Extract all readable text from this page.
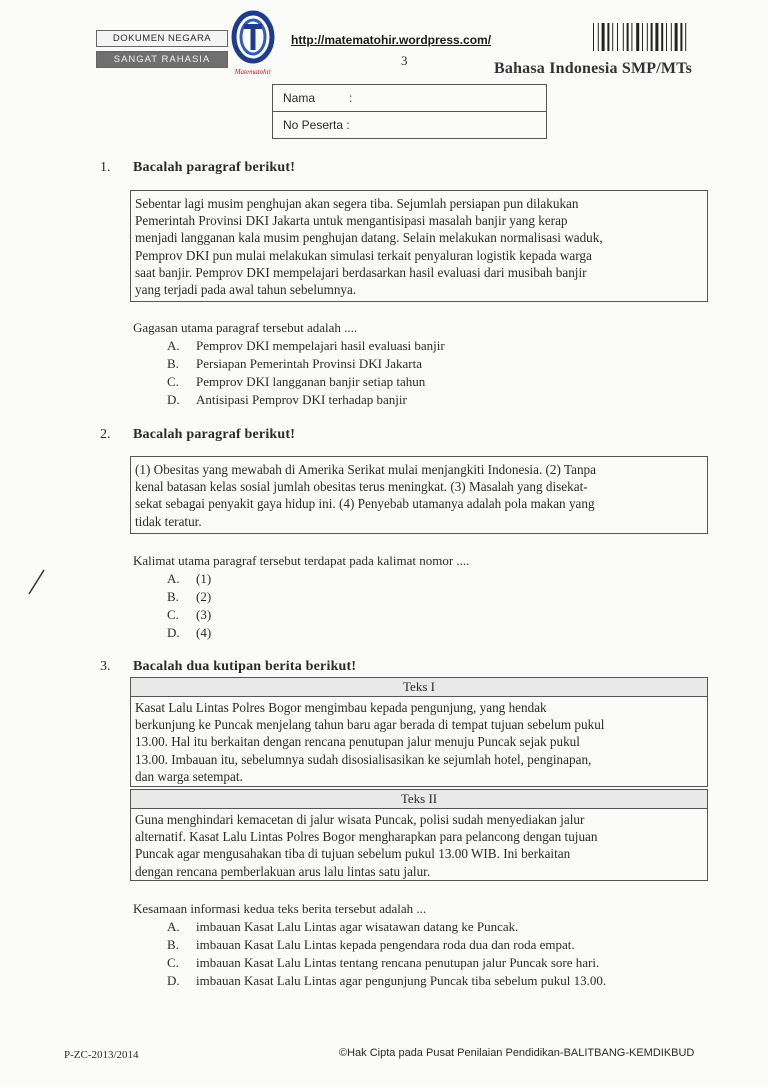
DOKUMEN NEGARA
SANGAT RAHASIA
Matematohir
http://matematohir.wordpress.com/
3	Bahasa Indonesia SMP/MTs
Nama	:
No Peserta :
1. Bacalah paragraf berikut!
Sebentar lagi musim penghujan akan segera tiba. Sejumlah persiapan pun dilakukan
Pemerintah Provinsi DKI Jakarta untuk mengantisipasi masalah banjir yang kerap
menjadi langganan kala musim penghujan datang. Selain melakukan normalisasi waduk,
Pemprov DKI pun mulai melakukan simulasi terkait penyaluran logistik kepada warga
saat banjir. Pemprov DKI mempelajari berdasarkan hasil evaluasi dari musibah banjir
yang terjadi pada awal tahun sebelumnya.
Gagasan utama paragraf tersebut adalah ....
A. Pemprov DKI mempelajari hasil evaluasi banjir
B. Persiapan Pemerintah Provinsi DKI Jakarta
C. Pemprov DKI langganan banjir setiap tahun
D. Antisipasi Pemprov DKI terhadap banjir
2. Bacalah paragraf berikut!
(1) Obesitas yang mewabah di Amerika Serikat mulai menjangkiti Indonesia. (2) Tanpa
kenal batasan kelas sosial jumlah obesitas terus meningkat. (3) Masalah yang disekat-
sekat sebagai penyakit gaya hidup ini. (4) Penyebab utamanya adalah pola makan yang
tidak teratur.
Kalimat utama paragraf tersebut terdapat pada kalimat nomor ....
A. (1)
B. (2)
C. (3)
D. (4)
3. Bacalah dua kutipan berita berikut!
Teks I
Kasat Lalu Lintas Polres Bogor mengimbau kepada pengunjung, yang hendak
berkunjung ke Puncak menjelang tahun baru agar berada di tempat tujuan sebelum pukul
13.00. Hal itu berkaitan dengan rencana penutupan jalur menuju Puncak sejak pukul
13.00. Imbauan itu, sebelumnya sudah disosialisasikan ke sejumlah hotel, penginapan,
dan warga setempat.
Teks II
Guna menghindari kemacetan di jalur wisata Puncak, polisi sudah menyediakan jalur
alternatif. Kasat Lalu Lintas Polres Bogor mengharapkan para pelancong dengan tujuan
Puncak agar mengusahakan tiba di tujuan sebelum pukul 13.00 WIB. Ini berkaitan
dengan rencana pemberlakuan arus lalu lintas satu jalur.
Kesamaan informasi kedua teks berita tersebut adalah ...
A. imbauan Kasat Lalu Lintas agar wisatawan datang ke Puncak.
B. imbauan Kasat Lalu Lintas kepada pengendara roda dua dan roda empat.
C. imbauan Kasat Lalu Lintas tentang rencana penutupan jalur Puncak sore hari.
D. imbauan Kasat Lalu Lintas agar pengunjung Puncak tiba sebelum pukul 13.00.
P-ZC-2013/2014	©Hak Cipta pada Pusat Penilaian Pendidikan-BALITBANG-KEMDIKBUD
